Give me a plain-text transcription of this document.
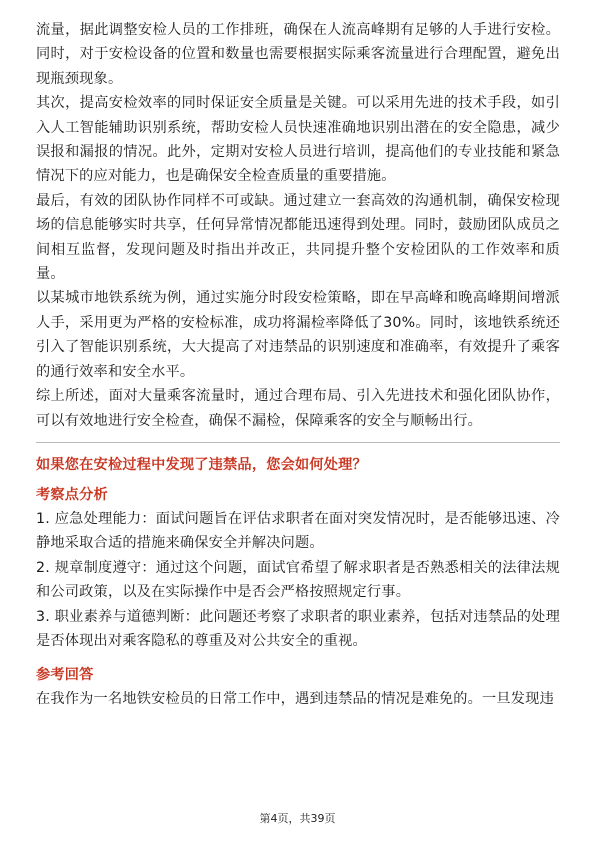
流量，据此调整安检人员的工作排班，确保在人流高峰期有足够的人手进行安检。同时，对于安检设备的位置和数量也需要根据实际乘客流量进行合理配置，避免出现瓶颈现象。

其次，提高安检效率的同时保证安全质量是关键。可以采用先进的技术手段，如引入人工智能辅助识别系统，帮助安检人员快速准确地识别出潜在的安全隐患，减少误报和漏报的情况。此外，定期对安检人员进行培训，提高他们的专业技能和紧急情况下的应对能力，也是确保安全检查质量的重要措施。

最后，有效的团队协作同样不可或缺。通过建立一套高效的沟通机制，确保安检现场的信息能够实时共享，任何异常情况都能迅速得到处理。同时，鼓励团队成员之间相互监督，发现问题及时指出并改正，共同提升整个安检团队的工作效率和质量。

以某城市地铁系统为例，通过实施分时段安检策略，即在早高峰和晚高峰期间增派人手，采用更为严格的安检标准，成功将漏检率降低了30%。同时，该地铁系统还引入了智能识别系统，大大提高了对违禁品的识别速度和准确率，有效提升了乘客的通行效率和安全水平。

综上所述，面对大量乘客流量时，通过合理布局、引入先进技术和强化团队协作，可以有效地进行安全检查，确保不漏检，保障乘客的安全与顺畅出行。

如果您在安检过程中发现了违禁品，您会如何处理？

考察点分析

1. 应急处理能力：面试问题旨在评估求职者在面对突发情况时，是否能够迅速、冷静地采取合适的措施来确保安全并解决问题。

2. 规章制度遵守：通过这个问题，面试官希望了解求职者是否熟悉相关的法律法规和公司政策，以及在实际操作中是否会严格按照规定行事。

3. 职业素养与道德判断：此问题还考察了求职者的职业素养，包括对违禁品的处理是否体现出对乘客隐私的尊重及对公共安全的重视。

参考回答

在我作为一名地铁安检员的日常工作中，遇到违禁品的情况是难免的。一旦发现违

第4页，共39页
